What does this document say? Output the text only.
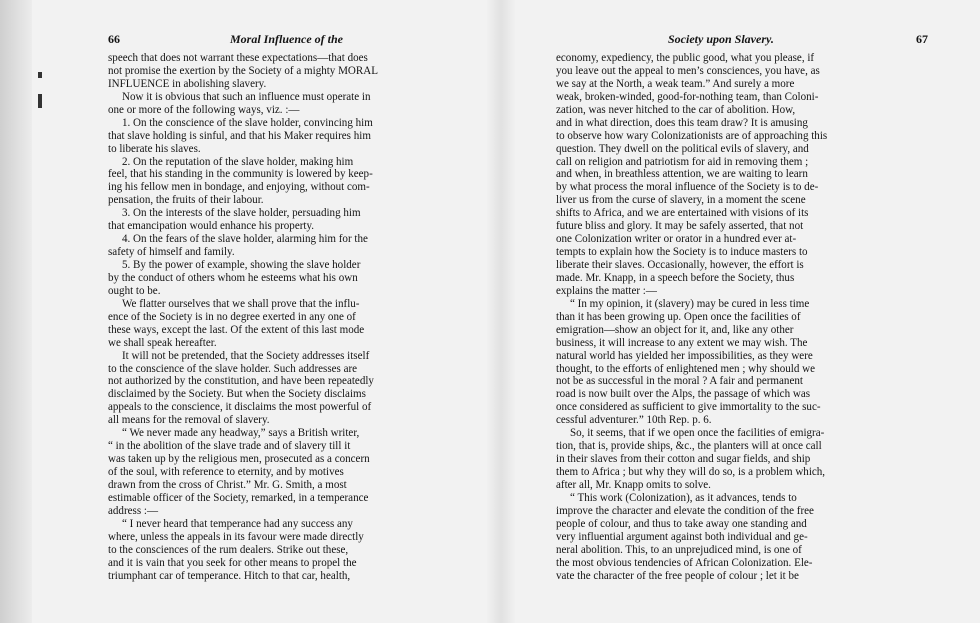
66	Moral Influence of the
speech that does not warrant these expectations—that does
not promise the exertion by the Society of a mighty MORAL
INFLUENCE in abolishing slavery.
Now it is obvious that such an influence must operate in
one or more of the following ways, viz. :—
1. On the conscience of the slave holder, convincing him
that slave holding is sinful, and that his Maker requires him
to liberate his slaves.
2. On the reputation of the slave holder, making him
feel, that his standing in the community is lowered by keep-
ing his fellow men in bondage, and enjoying, without com-
pensation, the fruits of their labour.
3. On the interests of the slave holder, persuading him
that emancipation would enhance his property.
4. On the fears of the slave holder, alarming him for the
safety of himself and family.
5. By the power of example, showing the slave holder
by the conduct of others whom he esteems what his own
ought to be.
We flatter ourselves that we shall prove that the influ-
ence of the Society is in no degree exerted in any one of
these ways, except the last. Of the extent of this last mode
we shall speak hereafter.
It will not be pretended, that the Society addresses itself
to the conscience of the slave holder. Such addresses are
not authorized by the constitution, and have been repeatedly
disclaimed by the Society. But when the Society disclaims
appeals to the conscience, it disclaims the most powerful of
all means for the removal of slavery.
“ We never made any headway,” says a British writer,
“ in the abolition of the slave trade and of slavery till it
was taken up by the religious men, prosecuted as a concern
of the soul, with reference to eternity, and by motives
drawn from the cross of Christ.” Mr. G. Smith, a most
estimable officer of the Society, remarked, in a temperance
address :—
“ I never heard that temperance had any success any
where, unless the appeals in its favour were made directly
to the consciences of the rum dealers. Strike out these,
and it is vain that you seek for other means to propel the
triumphant car of temperance. Hitch to that car, health,
Society upon Slavery.	67
economy, expediency, the public good, what you please, if
you leave out the appeal to men’s consciences, you have, as
we say at the North, a weak team.” And surely a more
weak, broken-winded, good-for-nothing team, than Coloni-
zation, was never hitched to the car of abolition. How,
and in what direction, does this team draw? It is amusing
to observe how wary Colonizationists are of approaching this
question. They dwell on the political evils of slavery, and
call on religion and patriotism for aid in removing them ;
and when, in breathless attention, we are waiting to learn
by what process the moral influence of the Society is to de-
liver us from the curse of slavery, in a moment the scene
shifts to Africa, and we are entertained with visions of its
future bliss and glory. It may be safely asserted, that not
one Colonization writer or orator in a hundred ever at-
tempts to explain how the Society is to induce masters to
liberate their slaves. Occasionally, however, the effort is
made. Mr. Knapp, in a speech before the Society, thus
explains the matter :—
“ In my opinion, it (slavery) may be cured in less time
than it has been growing up. Open once the facilities of
emigration—show an object for it, and, like any other
business, it will increase to any extent we may wish. The
natural world has yielded her impossibilities, as they were
thought, to the efforts of enlightened men ; why should we
not be as successful in the moral ? A fair and permanent
road is now built over the Alps, the passage of which was
once considered as sufficient to give immortality to the suc-
cessful adventurer.” 10th Rep. p. 6.
So, it seems, that if we open once the facilities of emigra-
tion, that is, provide ships, &c., the planters will at once call
in their slaves from their cotton and sugar fields, and ship
them to Africa ; but why they will do so, is a problem which,
after all, Mr. Knapp omits to solve.
“ This work (Colonization), as it advances, tends to
improve the character and elevate the condition of the free
people of colour, and thus to take away one standing and
very influential argument against both individual and ge-
neral abolition. This, to an unprejudiced mind, is one of
the most obvious tendencies of African Colonization. Ele-
vate the character of the free people of colour ; let it be
